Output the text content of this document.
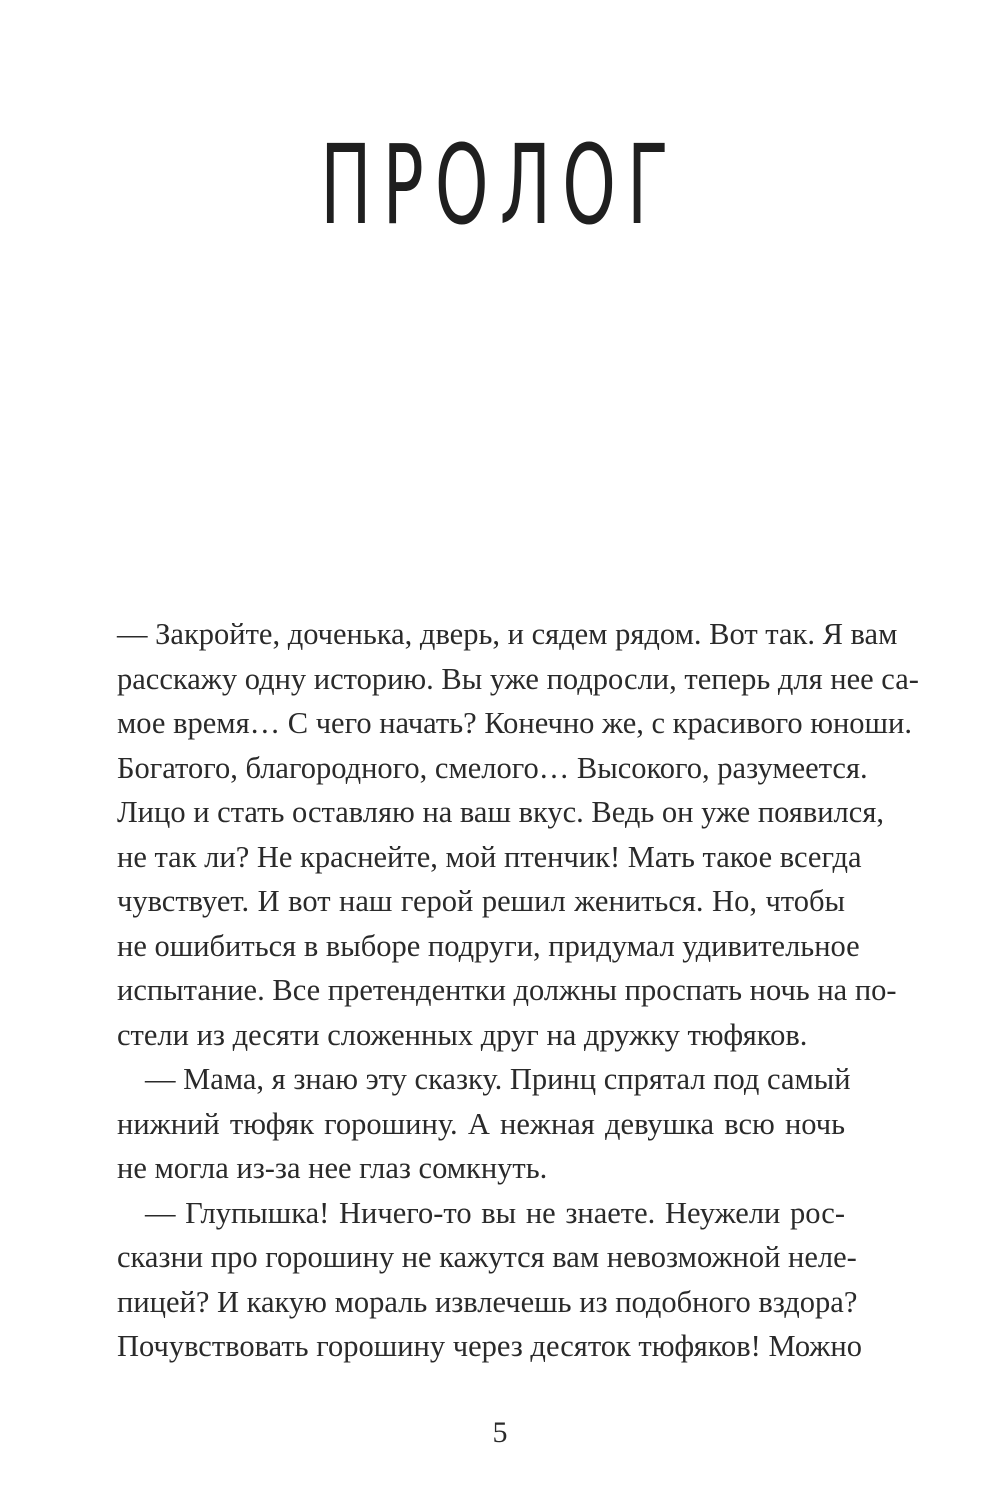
ПРОЛОГ
— Закройте, доченька, дверь, и сядем рядом. Вот так. Я вам
расскажу одну историю. Вы уже подросли, теперь для нее са-
мое время… С чего начать? Конечно же, с красивого юноши.
Богатого, благородного, смелого… Высокого, разумеется.
Лицо и стать оставляю на ваш вкус. Ведь он уже появился,
не так ли? Не краснейте, мой птенчик! Мать такое всегда
чувствует. И вот наш герой решил жениться. Но, чтобы
не ошибиться в выборе подруги, придумал удивительное
испытание. Все претендентки должны проспать ночь на по-
стели из десяти сложенных друг на дружку тюфяков.
— Мама, я знаю эту сказку. Принц спрятал под самый
нижний тюфяк горошину. А нежная девушка всю ночь
не могла из-за нее глаз сомкнуть.
— Глупышка! Ничего-то вы не знаете. Неужели рос-
сказни про горошину не кажутся вам невозможной неле-
пицей? И какую мораль извлечешь из подобного вздора?
Почувствовать горошину через десяток тюфяков! Можно
5
